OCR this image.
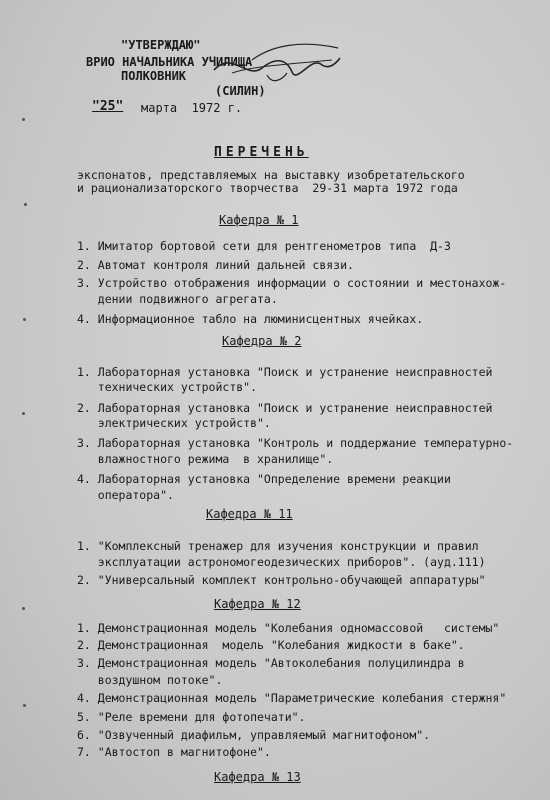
"УТВЕРЖДАЮ"
ВРИО НАЧАЛЬНИКА УЧИЛИЩА
ПОЛКОВНИК
(СИЛИН)
"25" марта  1972 г.
ПЕРЕЧЕНЬ
экспонатов, представляемых на выставку изобретательского
и рационализаторского творчества  29-31 марта 1972 года
Кафедра № 1
1. Имитатор бортовой сети для рентгенометров типа  Д-3
2. Автомат контроля линий дальней связи.
3. Устройство отображения информации о состоянии и местонахож-
дении подвижного агрегата.
4. Информационное табло на люминисцентных ячейках.
Кафедра № 2
1. Лабораторная установка "Поиск и устранение неисправностей
технических устройств".
2. Лабораторная установка "Поиск и устранение неисправностей
электрических устройств".
3. Лабораторная установка "Контроль и поддержание температурно-
влажностного режима  в хранилище".
4. Лабораторная установка "Определение времени реакции
оператора".
Кафедра № 11
1. "Комплексный тренажер для изучения конструкции и правил
эксплуатации астрономогеодезических приборов". (ауд.111)
2. "Универсальный комплект контрольно-обучающей аппаратуры"
Кафедра № 12
1. Демонстрационная модель "Колебания одномассовой   системы"
2. Демонстрационная  модель "Колебания жидкости в баке".
3. Демонстрационная модель "Автоколебания полуцилиндра в
воздушном потоке".
4. Демонстрационная модель "Параметрические колебания стержня"
5. "Реле времени для фотопечати".
6. "Озвученный диафильм, управляемый магнитофоном".
7. "Автостоп в магнитофоне".
Кафедра № 13
